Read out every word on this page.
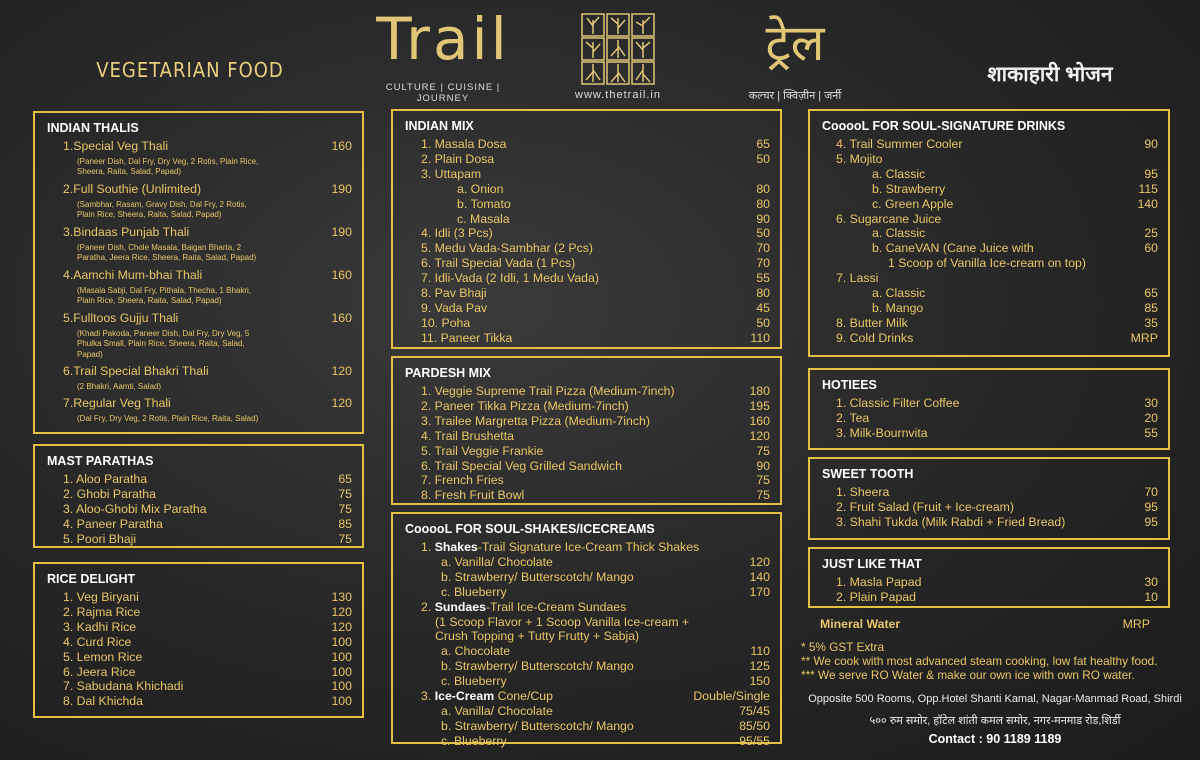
VEGETARIAN FOOD	शाकाहारी भोजन
Trail
CULTURE | CUISINE | JOURNEY	www.thetrail.in
ट्रेल
कल्चर | क्विज़ीन | जर्नी
INDIAN THALIS
1.Special Veg Thali	160
(Paneer Dish, Dal Fry, Dry Veg, 2 Rotis, Plain Rice, Sheera, Raita, Salad, Papad)
2.Full Southie (Unlimited)	190
(Sambhar, Rasam, Gravy Dish, Dal Fry, 2 Rotis, Plain Rice, Sheera, Raita, Salad, Papad)
3.Bindaas Punjab Thali	190
(Paneer Dish, Chole Masala, Baigan Bharta, 2 Paratha, Jeera Rice, Sheera, Raita, Salad, Papad)
4.Aamchi Mum-bhai Thali	160
(Masala Sabji, Dal Fry, Pithala, Thecha, 1 Bhakri, Plain Rice, Sheera, Raita, Salad, Papad)
5.Fulltoos Gujju Thali	160
(Khadi Pakoda, Paneer Dish, Dal Fry, Dry Veg, 5 Phulka Small, Plain Rice, Sheera, Raita, Salad, Papad)
6.Trail Special Bhakri Thali	120
(2 Bhakri, Aamti, Salad)
7.Regular Veg Thali	120
(Dal Fry, Dry Veg, 2 Rotis, Plain Rice, Raita, Salad)
MAST PARATHAS
1. Aloo Paratha	65
2. Ghobi Paratha	75
3. Aloo-Ghobi Mix Paratha	75
4. Paneer Paratha	85
5. Poori Bhaji	75
RICE DELIGHT
1. Veg Biryani	130
2. Rajma Rice	120
3. Kadhi Rice	120
4. Curd Rice	100
5. Lemon Rice	100
6. Jeera Rice	100
7. Sabudana Khichadi	100
8. Dal Khichda	100
INDIAN MIX
1. Masala Dosa	65
2. Plain Dosa	50
3. Uttapam
a. Onion	80
b. Tomato	80
c. Masala	90
4. Idli (3 Pcs)	50
5. Medu Vada-Sambhar (2 Pcs)	70
6. Trail Special Vada (1 Pcs)	70
7. Idli-Vada (2 Idli, 1 Medu Vada)	55
8. Pav Bhaji	80
9. Vada Pav	45
10. Poha	50
11. Paneer Tikka	110
PARDESH MIX
1. Veggie Supreme Trail Pizza (Medium-7inch)	180
2. Paneer Tikka Pizza (Medium-7inch)	195
3. Trailee Margretta Pizza (Medium-7inch)	160
4. Trail Brushetta	120
5. Trail Veggie Frankie	75
6. Trail Special Veg Grilled Sandwich	90
7. French Fries	75
8. Fresh Fruit Bowl	75
CooooL FOR SOUL-SHAKES/ICECREAMS
1. Shakes-Trail Signature Ice-Cream Thick Shakes
a. Vanilla/ Chocolate	120
b. Strawberry/ Butterscotch/ Mango	140
c. Blueberry	170
2. Sundaes-Trail Ice-Cream Sundaes
(1 Scoop Flavor + 1 Scoop Vanilla Ice-cream +
Crush Topping + Tutty Frutty + Sabja)
a. Chocolate	110
b. Strawberry/ Butterscotch/ Mango	125
c. Blueberry	150
3. Ice-Cream Cone/Cup	Double/Single
a. Vanilla/ Chocolate	75/45
b. Strawberry/ Butterscotch/ Mango	85/50
c. Blueberry	95/55
CooooL FOR SOUL-SIGNATURE DRINKS
4. Trail Summer Cooler	90
5. Mojito
a. Classic	95
b. Strawberry	115
c. Green Apple	140
6. Sugarcane Juice
a. Classic	25
b. CaneVAN (Cane Juice with	60
1 Scoop of Vanilla Ice-cream on top)
7. Lassi
a. Classic	65
b. Mango	85
8. Butter Milk	35
9. Cold Drinks	MRP
HOTIEES
1. Classic Filter Coffee	30
2. Tea	20
3. Milk-Bournvita	55
SWEET TOOTH
1. Sheera	70
2. Fruit Salad (Fruit + Ice-cream)	95
3. Shahi Tukda (Milk Rabdi + Fried Bread)	95
JUST LIKE THAT
1. Masla Papad	30
2. Plain Papad	10
Mineral Water	MRP
* 5% GST Extra
** We cook with most advanced steam cooking, low fat healthy food.
*** We serve RO Water & make our own ice with own RO water.
Opposite 500 Rooms, Opp.Hotel Shanti Kamal, Nagar-Manmad Road, Shirdi
५०० रुम समोर, हॉटेल शांती कमल समोर, नगर-मनमाड रोड,शिर्डी
Contact : 90 1189 1189
